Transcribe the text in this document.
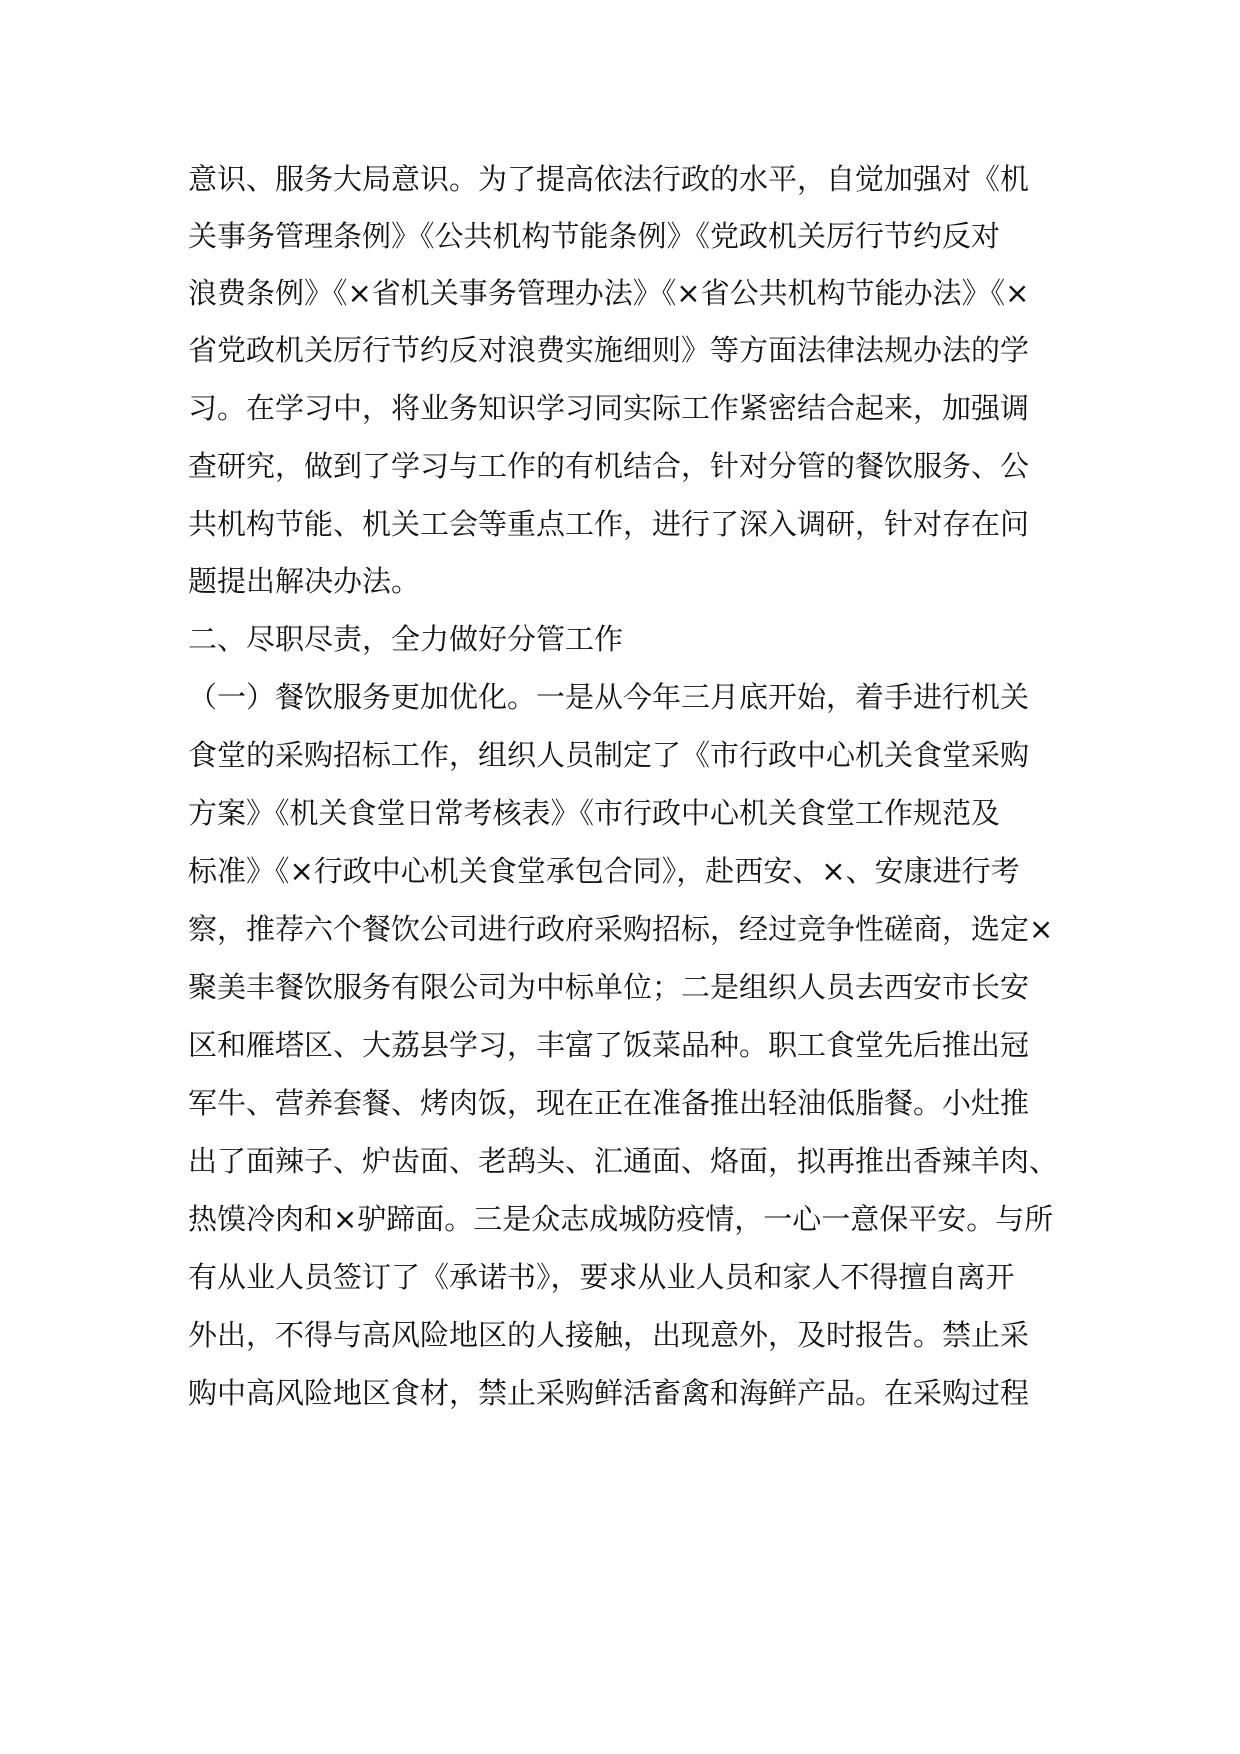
意识、服务大局意识。为了提高依法行政的水平，自觉加强对《机
关事务管理条例》《公共机构节能条例》《党政机关厉行节约反对
浪费条例》《×省机关事务管理办法》《×省公共机构节能办法》《×
省党政机关厉行节约反对浪费实施细则》等方面法律法规办法的学
习。在学习中，将业务知识学习同实际工作紧密结合起来，加强调
查研究，做到了学习与工作的有机结合，针对分管的餐饮服务、公
共机构节能、机关工会等重点工作，进行了深入调研，针对存在问
题提出解决办法。
二、尽职尽责，全力做好分管工作
（一）餐饮服务更加优化。一是从今年三月底开始，着手进行机关
食堂的采购招标工作，组织人员制定了《市行政中心机关食堂采购
方案》《机关食堂日常考核表》《市行政中心机关食堂工作规范及
标准》《×行政中心机关食堂承包合同》，赴西安、×、安康进行考
察，推荐六个餐饮公司进行政府采购招标，经过竞争性磋商，选定×
聚美丰餐饮服务有限公司为中标单位；二是组织人员去西安市长安
区和雁塔区、大荔县学习，丰富了饭菜品种。职工食堂先后推出冠
军牛、营养套餐、烤肉饭，现在正在准备推出轻油低脂餐。小灶推
出了面辣子、炉齿面、老鸹头、汇通面、烙面，拟再推出香辣羊肉、
热馍冷肉和×驴蹄面。三是众志成城防疫情，一心一意保平安。与所
有从业人员签订了《承诺书》，要求从业人员和家人不得擅自离开
外出，不得与高风险地区的人接触，出现意外，及时报告。禁止采
购中高风险地区食材，禁止采购鲜活畜禽和海鲜产品。在采购过程
